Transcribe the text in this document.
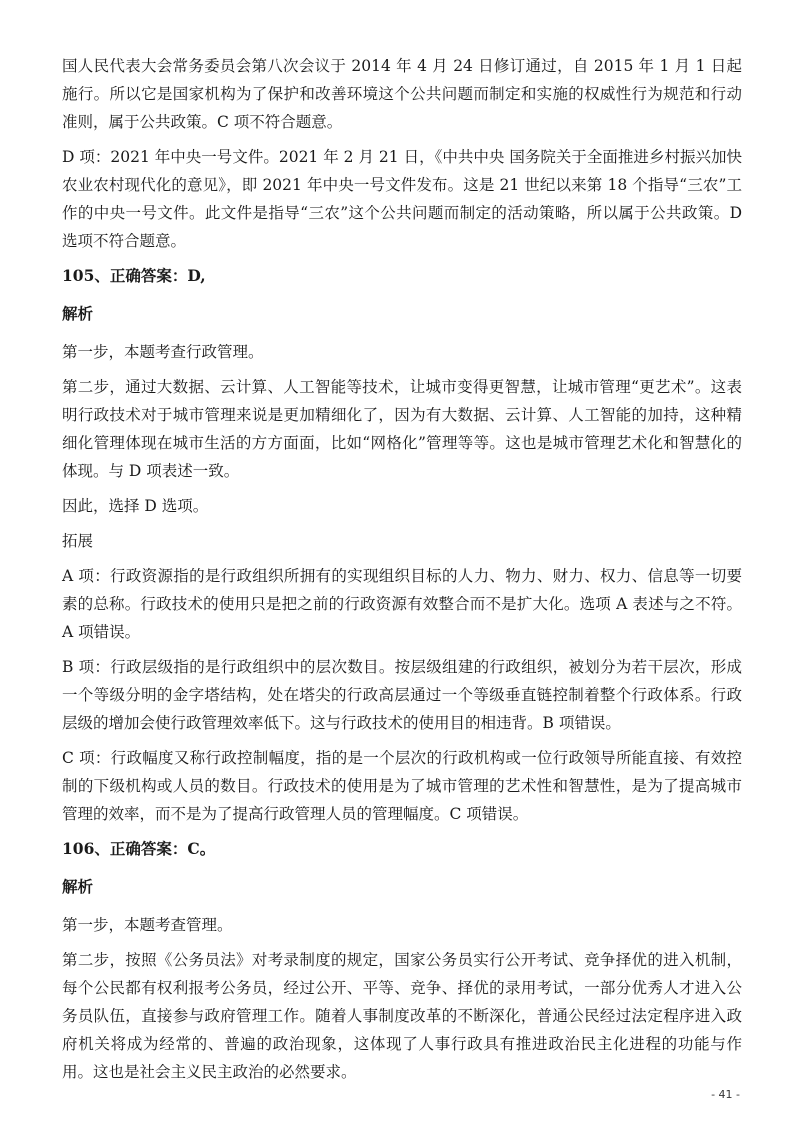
国人民代表大会常务委员会第八次会议于 2014 年 4 月 24 日修订通过，自 2015 年 1 月 1 日起施行。所以它是国家机构为了保护和改善环境这个公共问题而制定和实施的权威性行为规范和行动准则，属于公共政策。C 项不符合题意。

D 项：2021 年中央一号文件。2021 年 2 月 21 日，《中共中央 国务院关于全面推进乡村振兴加快农业农村现代化的意见》，即 2021 年中央一号文件发布。这是 21 世纪以来第 18 个指导“三农”工作的中央一号文件。此文件是指导“三农”这个公共问题而制定的活动策略，所以属于公共政策。D 选项不符合题意。

105、正确答案：D,
解析

第一步，本题考查行政管理。

第二步，通过大数据、云计算、人工智能等技术，让城市变得更智慧，让城市管理“更艺术”。这表明行政技术对于城市管理来说是更加精细化了，因为有大数据、云计算、人工智能的加持，这种精细化管理体现在城市生活的方方面面，比如“网格化”管理等等。这也是城市管理艺术化和智慧化的体现。与 D 项表述一致。

因此，选择 D 选项。

拓展

A 项：行政资源指的是行政组织所拥有的实现组织目标的人力、物力、财力、权力、信息等一切要素的总称。行政技术的使用只是把之前的行政资源有效整合而不是扩大化。选项 A 表述与之不符。A 项错误。

B 项：行政层级指的是行政组织中的层次数目。按层级组建的行政组织，被划分为若干层次，形成一个等级分明的金字塔结构，处在塔尖的行政高层通过一个等级垂直链控制着整个行政体系。行政层级的增加会使行政管理效率低下。这与行政技术的使用目的相违背。B 项错误。

C 项：行政幅度又称行政控制幅度，指的是一个层次的行政机构或一位行政领导所能直接、有效控制的下级机构或人员的数目。行政技术的使用是为了城市管理的艺术性和智慧性，是为了提高城市管理的效率，而不是为了提高行政管理人员的管理幅度。C 项错误。

106、正确答案：C。
解析

第一步，本题考查管理。

第二步，按照《公务员法》对考录制度的规定，国家公务员实行公开考试、竞争择优的进入机制，每个公民都有权利报考公务员，经过公开、平等、竞争、择优的录用考试，一部分优秀人才进入公务员队伍，直接参与政府管理工作。随着人事制度改革的不断深化，普通公民经过法定程序进入政府机关将成为经常的、普遍的政治现象，这体现了人事行政具有推进政治民主化进程的功能与作用。这也是社会主义民主政治的必然要求。

- 41 -
